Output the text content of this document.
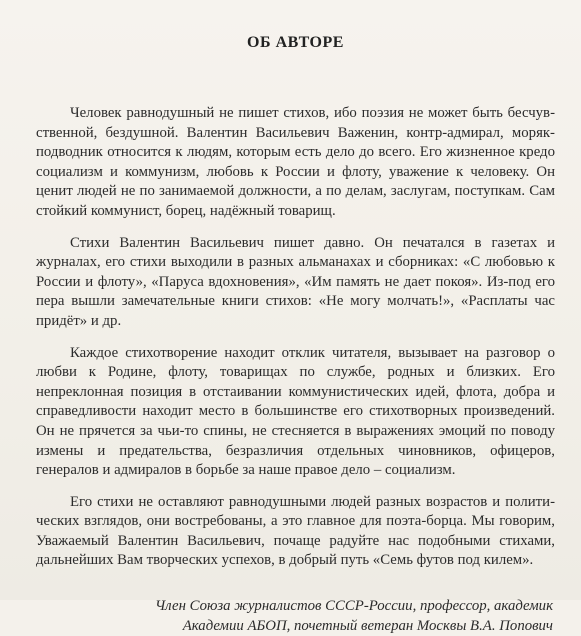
ОБ АВТОРЕ

Человек равнодушный не пишет стихов, ибо поэзия не может быть бесчувственной, бездушной. Валентин Васильевич Важенин, контр-адмирал, моряк-подводник относится к людям, которым есть дело до всего. Его жизненное кредо социализм и коммунизм, любовь к России и флоту, уважение к человеку. Он ценит людей не по занимаемой должности, а по делам, заслугам, поступкам. Сам стойкий коммунист, борец, надёжный товарищ.

Стихи Валентин Васильевич пишет давно. Он печатался в газетах и журналах, его стихи выходили в разных альманахах и сборниках: «С любовью к России и флоту», «Паруса вдохновения», «Им память не дает покоя». Из-под его пера вышли замечательные книги стихов: «Не могу молчать!», «Расплаты час придёт» и др.

Каждое стихотворение находит отклик читателя, вызывает на разговор о любви к Родине, флоту, товарищах по службе, родных и близких. Его непреклонная позиция в отстаивании коммунистических идей, флота, добра и справедливости находит место в большинстве его стихотворных произведений. Он не прячется за чьи-то спины, не стесняется в выражениях эмоций по поводу измены и предательства, безразличия отдельных чиновников, офицеров, генералов и адмиралов в борьбе за наше правое дело – социализм.

Его стихи не оставляют равнодушными людей разных возрастов и политических взглядов, они востребованы, а это главное для поэта-борца. Мы говорим, Уважаемый Валентин Васильевич, почаще радуйте нас подобными стихами, дальнейших Вам творческих успехов, в добрый путь «Семь футов под килем».

Член Союза журналистов СССР-России, профессор, академик
Академии АБОП, почетный ветеран Москвы В.А. Попович
